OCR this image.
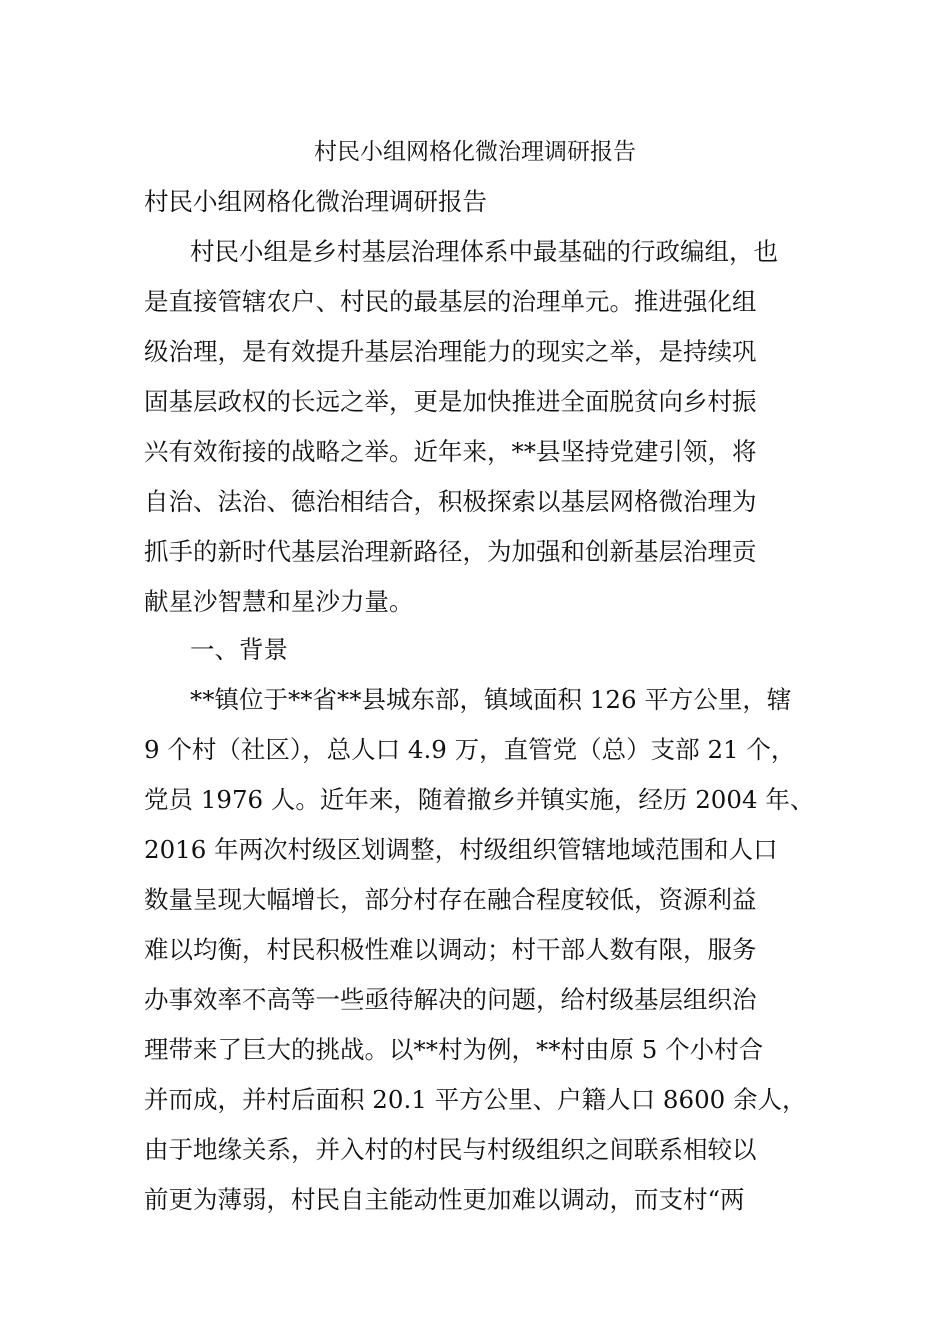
村民小组网格化微治理调研报告
村民小组网格化微治理调研报告
村民小组是乡村基层治理体系中最基础的行政编组，也
是直接管辖农户、村民的最基层的治理单元。推进强化组
级治理，是有效提升基层治理能力的现实之举，是持续巩
固基层政权的长远之举，更是加快推进全面脱贫向乡村振
兴有效衔接的战略之举。近年来，**县坚持党建引领，将
自治、法治、德治相结合，积极探索以基层网格微治理为
抓手的新时代基层治理新路径，为加强和创新基层治理贡
献星沙智慧和星沙力量。
一、背景
**镇位于**省**县城东部，镇域面积 126 平方公里，辖
9 个村（社区），总人口 4.9 万，直管党（总）支部 21 个，
党员 1976 人。近年来，随着撤乡并镇实施，经历 2004 年、
2016 年两次村级区划调整，村级组织管辖地域范围和人口
数量呈现大幅增长，部分村存在融合程度较低，资源利益
难以均衡，村民积极性难以调动；村干部人数有限，服务
办事效率不高等一些亟待解决的问题，给村级基层组织治
理带来了巨大的挑战。以**村为例，**村由原 5 个小村合
并而成，并村后面积 20.1 平方公里、户籍人口 8600 余人，
由于地缘关系，并入村的村民与村级组织之间联系相较以
前更为薄弱，村民自主能动性更加难以调动，而支村“两
